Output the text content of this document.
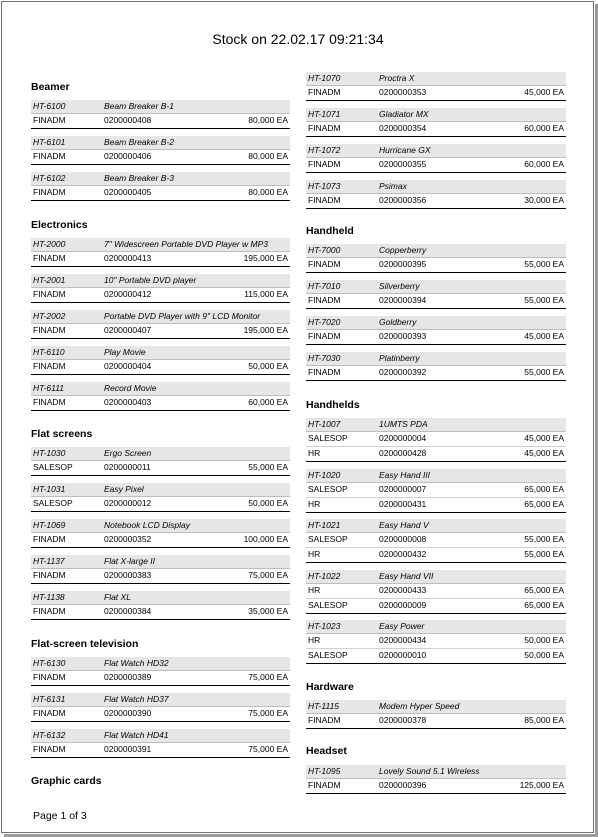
Stock on 22.02.17 09:21:34
Beamer
HT-6100	Beam Breaker B-1
FINADM	0200000408	80,000 EA
HT-6101	Beam Breaker B-2
FINADM	0200000406	80,000 EA
HT-6102	Beam Breaker B-3
FINADM	0200000405	80,000 EA
Electronics
HT-2000	7" Widescreen Portable DVD Player w MP3
FINADM	0200000413	195,000 EA
HT-2001	10" Portable DVD player
FINADM	0200000412	115,000 EA
HT-2002	Portable DVD Player with 9" LCD Monitor
FINADM	0200000407	195,000 EA
HT-6110	Play Movie
FINADM	0200000404	50,000 EA
HT-6111	Record Movie
FINADM	0200000403	60,000 EA
Flat screens
HT-1030	Ergo Screen
SALESOP	0200000011	55,000 EA
HT-1031	Easy Pixel
SALESOP	0200000012	50,000 EA
HT-1069	Notebook LCD Display
FINADM	0200000352	100,000 EA
HT-1137	Flat X-large II
FINADM	0200000383	75,000 EA
HT-1138	Flat XL
FINADM	0200000384	35,000 EA
Flat-screen television
HT-6130	Flat Watch HD32
FINADM	0200000389	75,000 EA
HT-6131	Flat Watch HD37
FINADM	0200000390	75,000 EA
HT-6132	Flat Watch HD41
FINADM	0200000391	75,000 EA
Graphic cards
HT-1070	Proctra X
FINADM	0200000353	45,000 EA
HT-1071	Gladiator MX
FINADM	0200000354	60,000 EA
HT-1072	Hurricane GX
FINADM	0200000355	60,000 EA
HT-1073	Psimax
FINADM	0200000356	30,000 EA
Handheld
HT-7000	Copperberry
FINADM	0200000395	55,000 EA
HT-7010	Silverberry
FINADM	0200000394	55,000 EA
HT-7020	Goldberry
FINADM	0200000393	45,000 EA
HT-7030	Platinberry
FINADM	0200000392	55,000 EA
Handhelds
HT-1007	1UMTS PDA
SALESOP	0200000004	45,000 EA
HR	0200000428	45,000 EA
HT-1020	Easy Hand III
SALESOP	0200000007	65,000 EA
HR	0200000431	65,000 EA
HT-1021	Easy Hand V
SALESOP	0200000008	55,000 EA
HR	0200000432	55,000 EA
HT-1022	Easy Hand VII
HR	0200000433	65,000 EA
SALESOP	0200000009	65,000 EA
HT-1023	Easy Power
HR	0200000434	50,000 EA
SALESOP	0200000010	50,000 EA
Hardware
HT-1115	Modem Hyper Speed
FINADM	0200000378	85,000 EA
Headset
HT-1095	Lovely Sound 5.1 Wireless
FINADM	0200000396	125,000 EA
Page 1 of 3
